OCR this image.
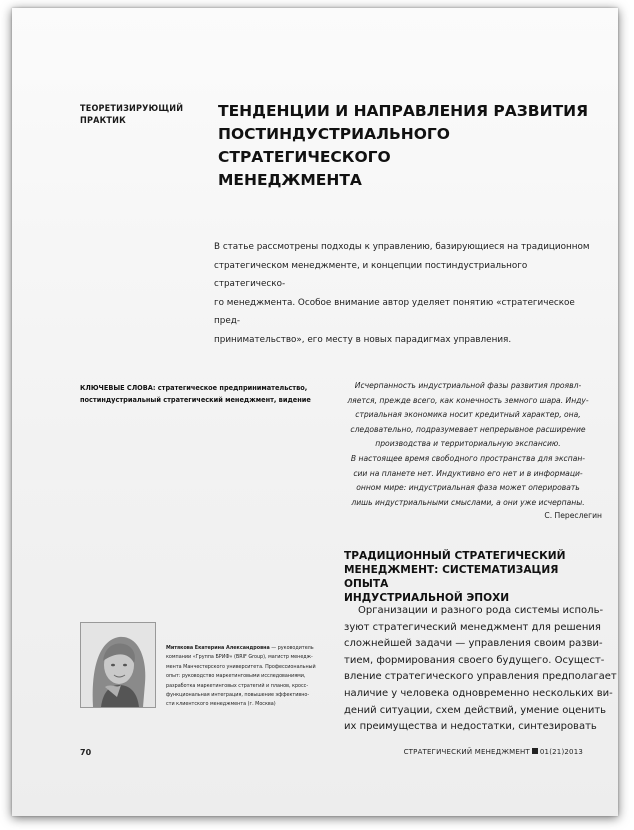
ТЕОРЕТИЗИРУЮЩИЙ
ПРАКТИК
ТЕНДЕНЦИИ И НАПРАВЛЕНИЯ РАЗВИТИЯ
ПОСТИНДУСТРИАЛЬНОГО СТРАТЕГИЧЕСКОГО
МЕНЕДЖМЕНТА
В статье рассмотрены подходы к управлению, базирующиеся на традиционном
стратегическом менеджменте, и концепции постиндустриального стратегическо-
го менеджмента. Особое внимание автор уделяет понятию «стратегическое пред-
принимательство», его месту в новых парадигмах управления.
КЛЮЧЕВЫЕ СЛОВА: стратегическое предпринимательство,
постиндустриальный стратегический менеджмент, видение
Исчерпанность индустриальной фазы развития проявл-
ляется, прежде всего, как конечность земного шара. Инду-
стриальная экономика носит кредитный характер, она,
следовательно, подразумевает непрерывное расширение
производства и территориальную экспансию.
В настоящее время свободного пространства для экспан-
сии на планете нет. Индуктивно его нет и в информаци-
онном мире: индустриальная фаза может оперировать
лишь индустриальными смыслами, а они уже исчерпаны.
С. Переслегин
ТРАДИЦИОННЫЙ СТРАТЕГИЧЕСКИЙ
МЕНЕДЖМЕНТ: СИСТЕМАТИЗАЦИЯ ОПЫТА
ИНДУСТРИАЛЬНОЙ ЭПОХИ
Организации и разного рода системы исполь-
зуют стратегический менеджмент для решения
сложнейшей задачи — управления своим разви-
тием, формирования своего будущего. Осущест-
вление стратегического управления предполагает
наличие у человека одновременно нескольких ви-
дений ситуации, схем действий, умение оценить
их преимущества и недостатки, синтезировать
Митякова Екатерина Александровна — руководитель
компании «Группа БРИФ» (BRIF Group), магистр менедж-
мента Манчестерского университета. Профессиональный
опыт: руководство маркетинговыми исследованиями,
разработка маркетинговых стратегий и планов, кросс-
функциональная интеграция, повышение эффективно-
сти клиентского менеджмента (г. Москва)
70	СТРАТЕГИЧЕСКИЙ МЕНЕДЖМЕНТ 01(21)2013
